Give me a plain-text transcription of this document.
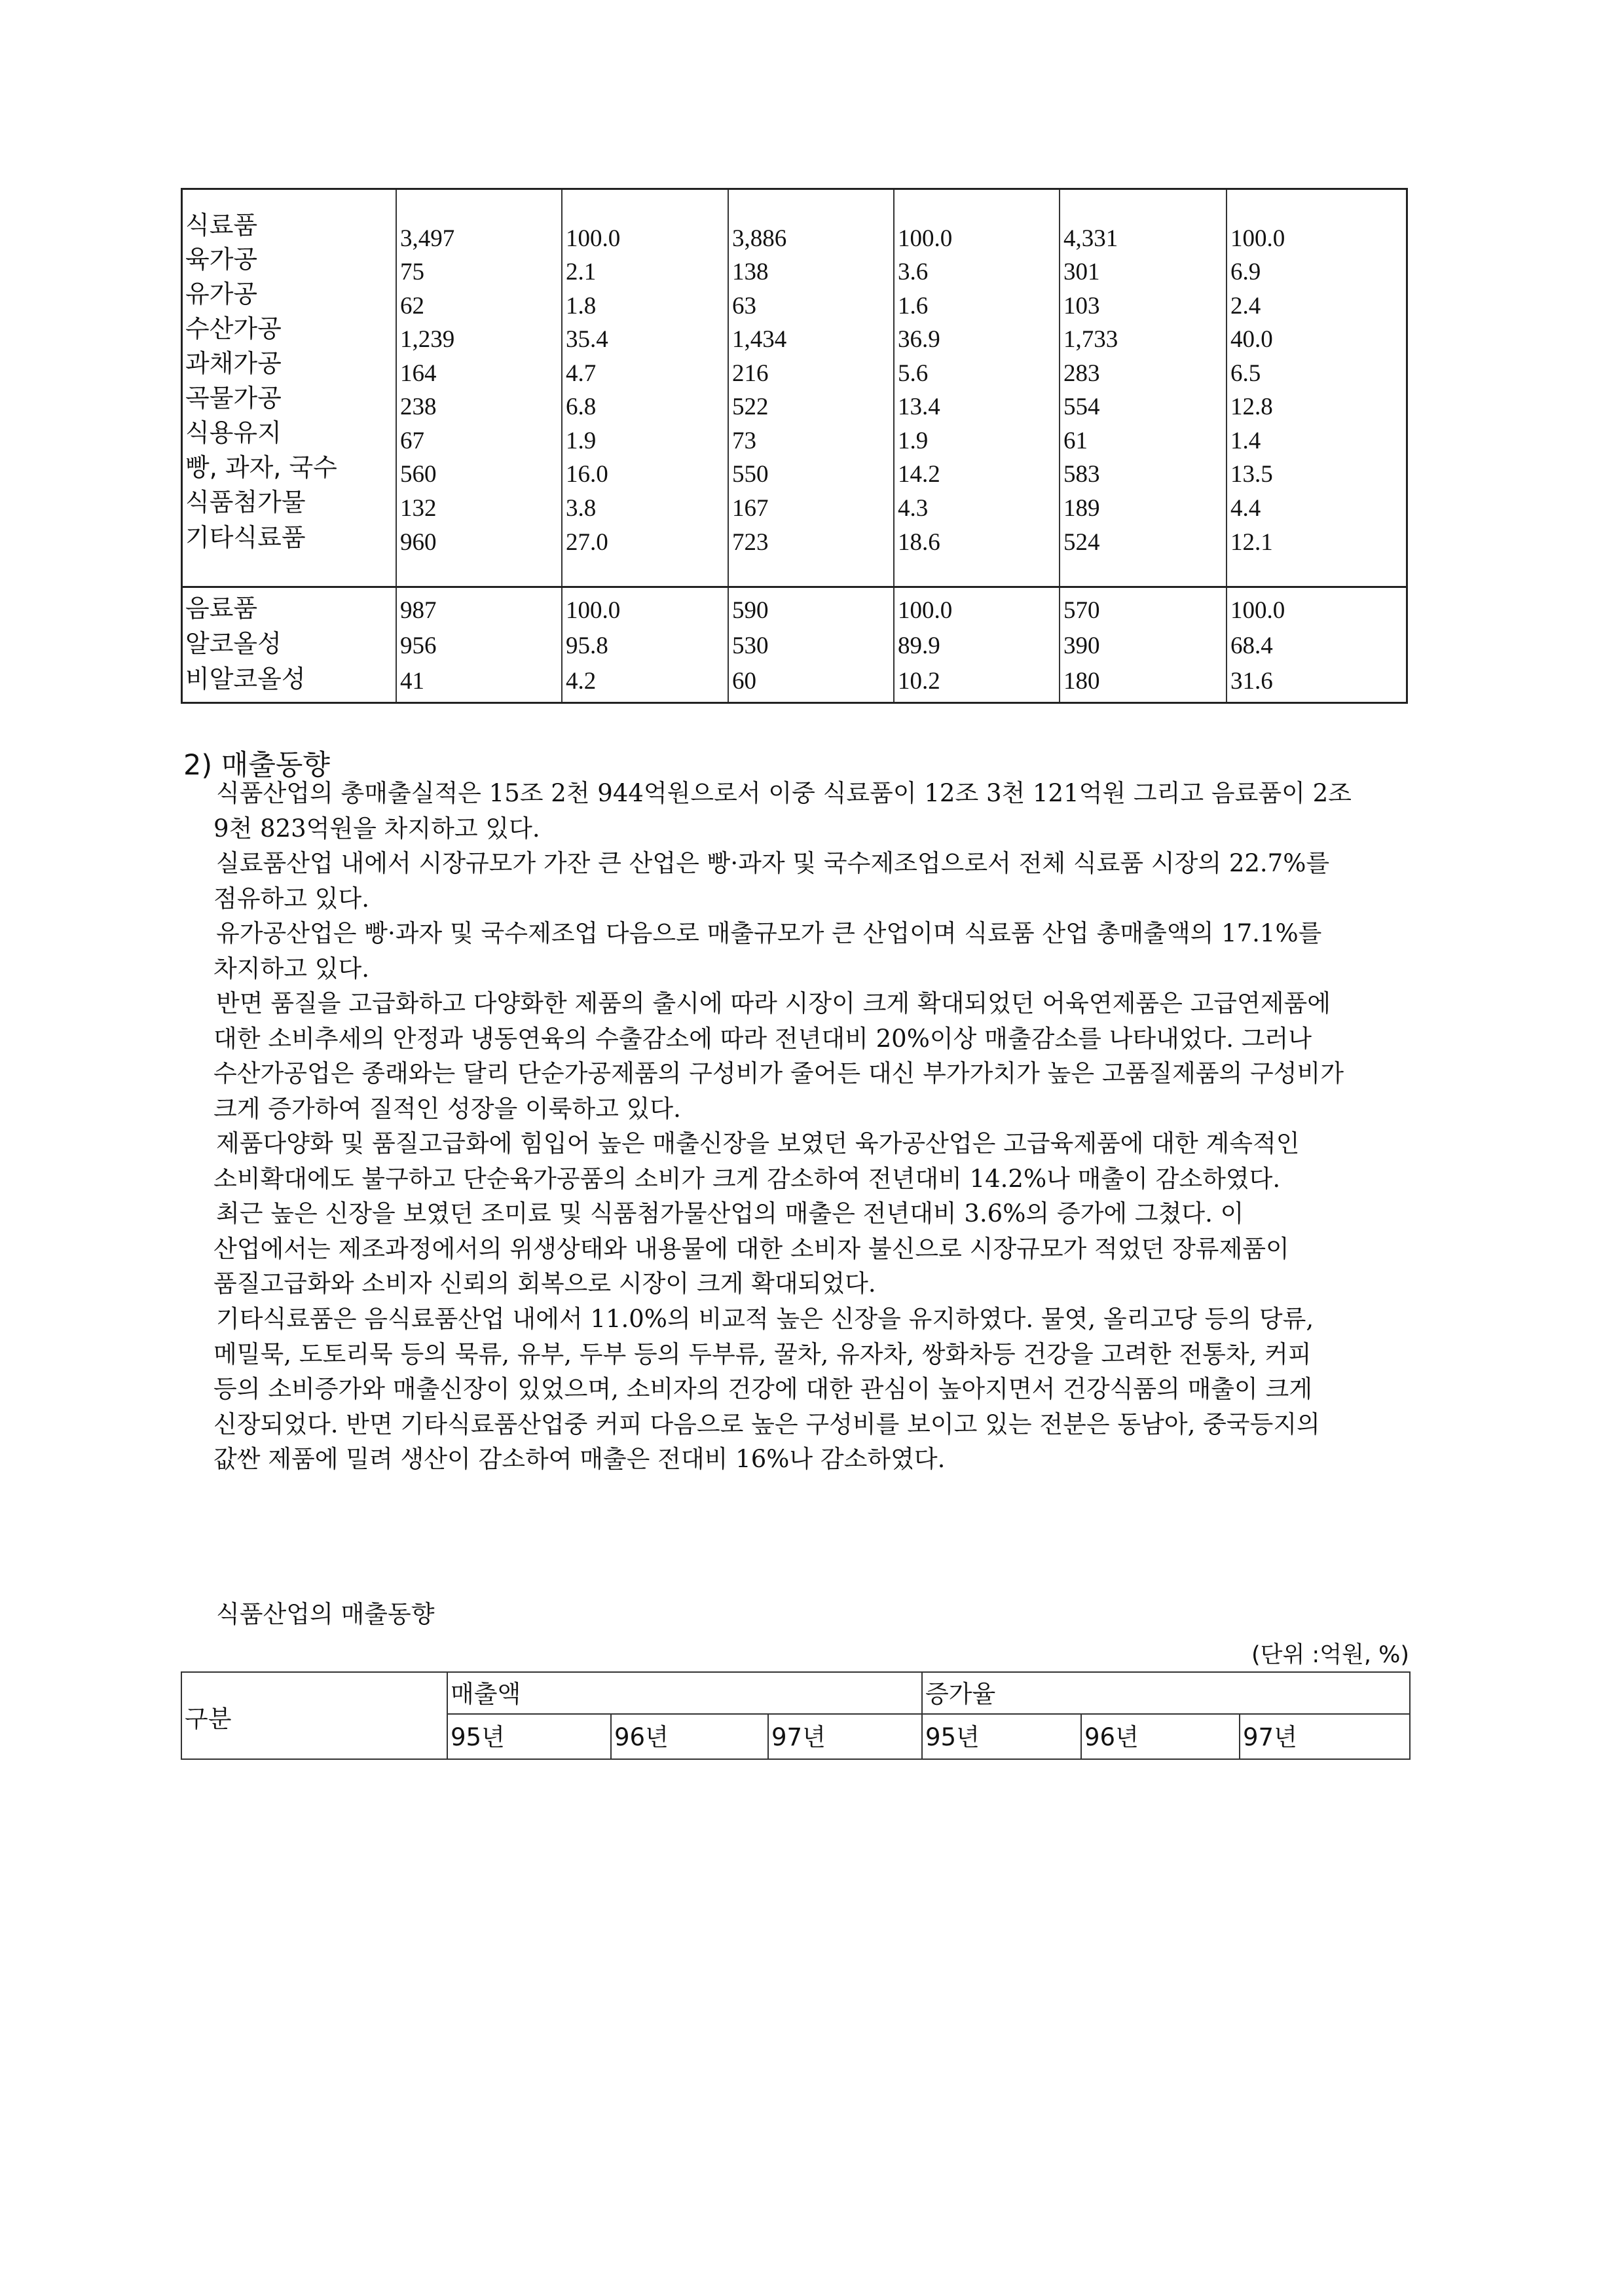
식료품	3,497	100.0	3,886	100.0	4,331	100.0
육가공	75	2.1	138	3.6	301	6.9
유가공	62	1.8	63	1.6	103	2.4
수산가공	1,239	35.4	1,434	36.9	1,733	40.0
과채가공	164	4.7	216	5.6	283	6.5
곡물가공	238	6.8	522	13.4	554	12.8
식용유지	67	1.9	73	1.9	61	1.4
빵, 과자, 국수	560	16.0	550	14.2	583	13.5
식품첨가물	132	3.8	167	4.3	189	4.4
기타식료품	960	27.0	723	18.6	524	12.1
음료품	987	100.0	590	100.0	570	100.0
알코올성	956	95.8	530	89.9	390	68.4
비알코올성	41	4.2	60	10.2	180	31.6
2) 매출동향
식품산업의 총매출실적은 15조 2천 944억원으로서 이중 식료품이 12조 3천 121억원 그리고 음료품이 2조
9천 823억원을 차지하고 있다.
실료품산업 내에서 시장규모가 가잔 큰 산업은 빵·과자 및 국수제조업으로서 전체 식료품 시장의 22.7%를
점유하고 있다.
유가공산업은 빵·과자 및 국수제조업 다음으로 매출규모가 큰 산업이며 식료품 산업 총매출액의 17.1%를
차지하고 있다.
반면 품질을 고급화하고 다양화한 제품의 출시에 따라 시장이 크게 확대되었던 어육연제품은 고급연제품에
대한 소비추세의 안정과 냉동연육의 수출감소에 따라 전년대비 20%이상 매출감소를 나타내었다. 그러나
수산가공업은 종래와는 달리 단순가공제품의 구성비가 줄어든 대신 부가가치가 높은 고품질제품의 구성비가
크게 증가하여 질적인 성장을 이룩하고 있다.
제품다양화 및 품질고급화에 힘입어 높은 매출신장을 보였던 육가공산업은 고급육제품에 대한 계속적인
소비확대에도 불구하고 단순육가공품의 소비가 크게 감소하여 전년대비 14.2%나 매출이 감소하였다.
최근 높은 신장을 보였던 조미료 및 식품첨가물산업의 매출은 전년대비 3.6%의 증가에 그쳤다. 이
산업에서는 제조과정에서의 위생상태와 내용물에 대한 소비자 불신으로 시장규모가 적었던 장류제품이
품질고급화와 소비자 신뢰의 회복으로 시장이 크게 확대되었다.
기타식료품은 음식료품산업 내에서 11.0%의 비교적 높은 신장을 유지하였다. 물엿, 올리고당 등의 당류,
메밀묵, 도토리묵 등의 묵류, 유부, 두부 등의 두부류, 꿀차, 유자차, 쌍화차등 건강을 고려한 전통차, 커피
등의 소비증가와 매출신장이 있었으며, 소비자의 건강에 대한 관심이 높아지면서 건강식품의 매출이 크게
신장되었다. 반면 기타식료품산업중 커피 다음으로 높은 구성비를 보이고 있는 전분은 동남아, 중국등지의
값싼 제품에 밀려 생산이 감소하여 매출은 전대비 16%나 감소하였다.
식품산업의 매출동향
(단위 :억원, %)
구분
매출액	증가율
95년	96년	97년	95년	96년	97년
